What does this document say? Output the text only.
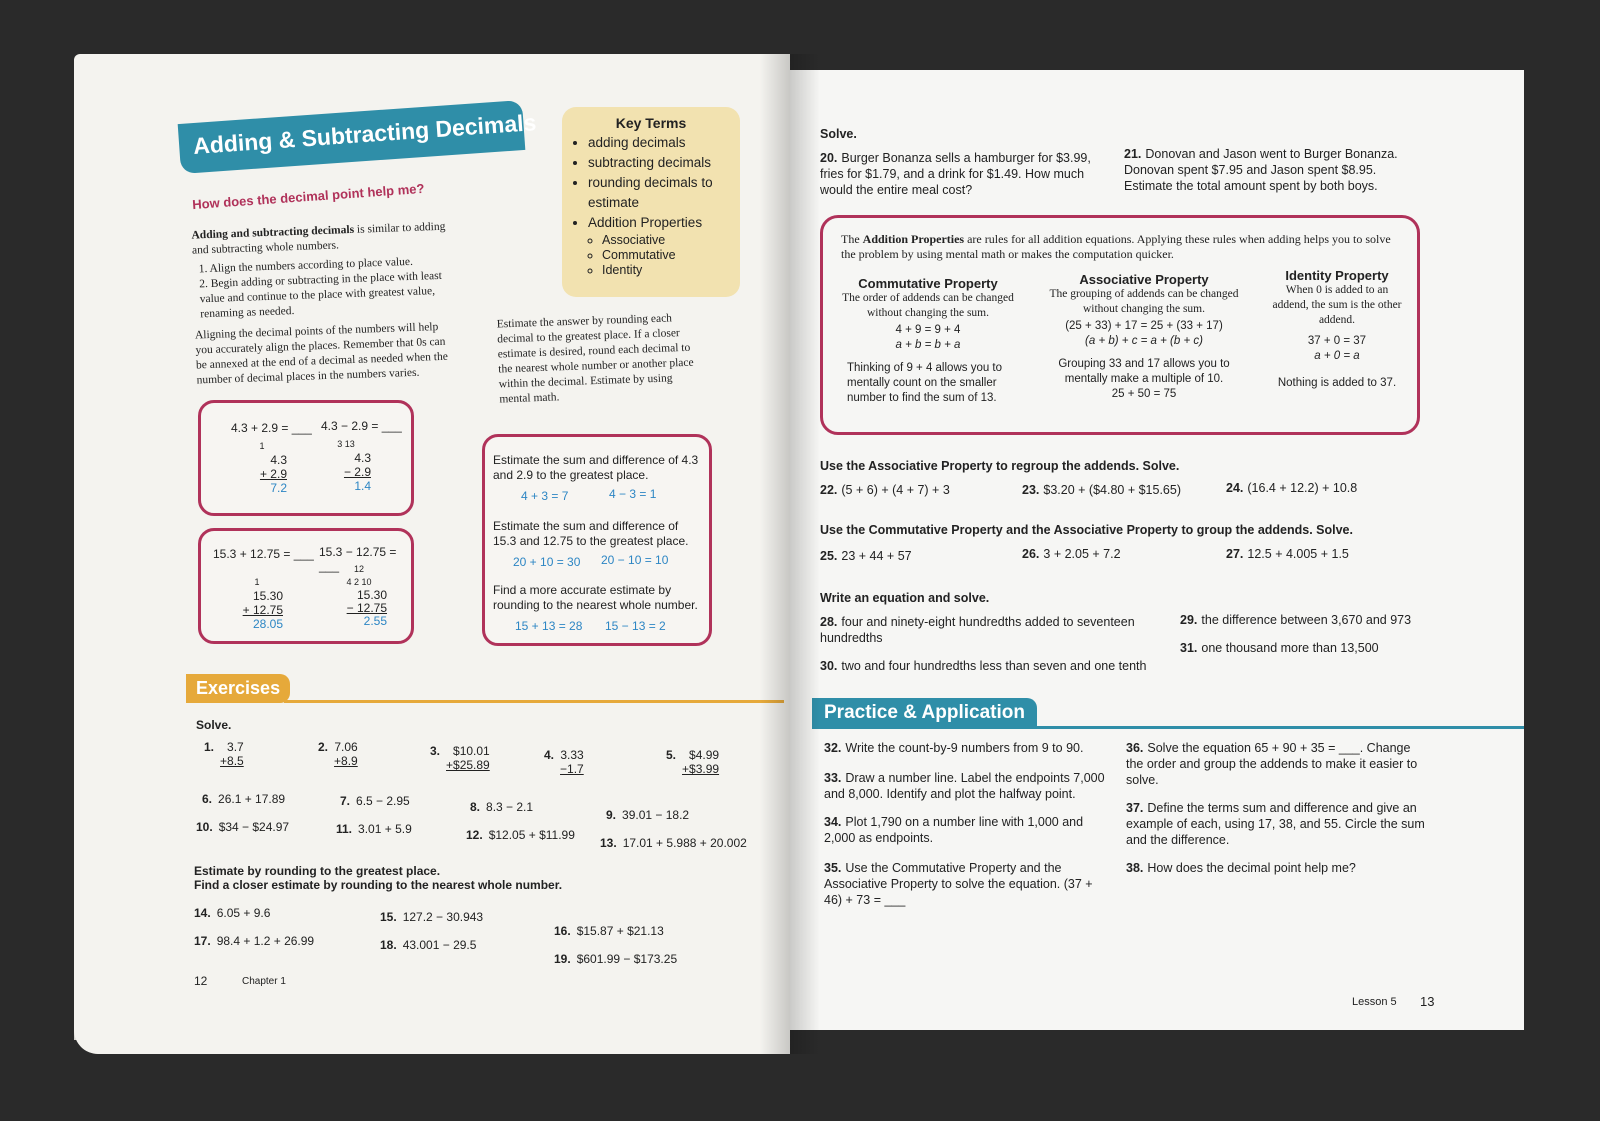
Adding & Subtracting Decimals
How does the decimal point help me?
Adding and subtracting decimals is similar to adding and subtracting whole numbers.
1. Align the numbers according to place value.
2. Begin adding or subtracting in the place with least value and continue to the place with greatest value, renaming as needed.
Aligning the decimal points of the numbers will help you accurately align the places. Remember that 0s can be annexed at the end of a decimal as needed when the number of decimal places in the numbers varies.
Key Terms
• adding decimals
• subtracting decimals
• rounding decimals to estimate
• Addition Properties
◦ Associative
◦ Commutative
◦ Identity
Estimate the answer by rounding each decimal to the greatest place. If a closer estimate is desired, round each decimal to the nearest whole number or another place within the decimal. Estimate by using mental math.
4.3 + 2.9 = ___ 4.3 − 2.9 = ___
1
4.3
+ 2.9
7.2
3 13
4.3
− 2.9
1.4
15.3 + 12.75 = ___ 15.3 − 12.75 = ___
1
15.30
+ 12.75
28.05
12
4 2 10
15.30
− 12.75
2.55
Estimate the sum and difference of 4.3 and 2.9 to the greatest place.
4 + 3 = 7	4 − 3 = 1
Estimate the sum and difference of 15.3 and 12.75 to the greatest place.
20 + 10 = 30 20 − 10 = 10
Find a more accurate estimate by rounding to the nearest whole number.
15 + 13 = 28 15 − 13 = 2
Exercises
Solve.
1.	3.7
+8.5
2. 7.06
+8.9
3.	$10.01
+$25.89
4. 3.33
−1.7
5.	$4.99
+$3.99
6. 26.1 + 17.89	7. 6.5 − 2.95	8. 8.3 − 2.1
9. 39.01 − 18.2
10. $34 − $24.97	11. 3.01 + 5.9	12. $12.05 + $11.99
13. 17.01 + 5.988 + 20.002
Estimate by rounding to the greatest place.
Find a closer estimate by rounding to the nearest whole number.
14. 6.05 + 9.6	15. 127.2 − 30.943
16. $15.87 + $21.13
17. 98.4 + 1.2 + 26.99	18. 43.001 − 29.5
19. $601.99 − $173.25
12	Chapter 1
Solve.
20. Burger Bonanza sells a hamburger for $3.99, fries for $1.79, and a drink for $1.49. How much would the entire meal cost?
21. Donovan and Jason went to Burger Bonanza. Donovan spent $7.95 and Jason spent $8.95. Estimate the total amount spent by both boys.
The Addition Properties are rules for all addition equations. Applying these rules when adding helps you to solve the problem by using mental math or makes the computation quicker.
Commutative Property
The order of addends can be changed without changing the sum.
4 + 9 = 9 + 4
a + b = b + a
Thinking of 9 + 4 allows you to mentally count on the smaller number to find the sum of 13.
Associative Property
The grouping of addends can be changed without changing the sum.
(25 + 33) + 17 = 25 + (33 + 17)
(a + b) + c = a + (b + c)
Grouping 33 and 17 allows you to mentally make a multiple of 10.
25 + 50 = 75
Identity Property
When 0 is added to an addend, the sum is the other addend.
37 + 0 = 37
a + 0 = a
Nothing is added to 37.
Use the Associative Property to regroup the addends. Solve.
22. (5 + 6) + (4 + 7) + 3	23. $3.20 + ($4.80 + $15.65)	24. (16.4 + 12.2) + 10.8
Use the Commutative Property and the Associative Property to group the addends. Solve.
25. 23 + 44 + 57	26. 3 + 2.05 + 7.2	27. 12.5 + 4.005 + 1.5
Write an equation and solve.
28. four and ninety-eight hundredths added to seventeen hundredths
29. the difference between 3,670 and 973
31. one thousand more than 13,500
30. two and four hundredths less than seven and one tenth
Practice & Application
32. Write the count-by-9 numbers from 9 to 90.
33. Draw a number line. Label the endpoints 7,000 and 8,000. Identify and plot the halfway point.
34. Plot 1,790 on a number line with 1,000 and 2,000 as endpoints.
35. Use the Commutative Property and the Associative Property to solve the equation. (37 + 46) + 73 = ___
36. Solve the equation 65 + 90 + 35 = ___. Change the order and group the addends to make it easier to solve.
37. Define the terms sum and difference and give an example of each, using 17, 38, and 55. Circle the sum and the difference.
38. How does the decimal point help me?
Lesson 5 13
